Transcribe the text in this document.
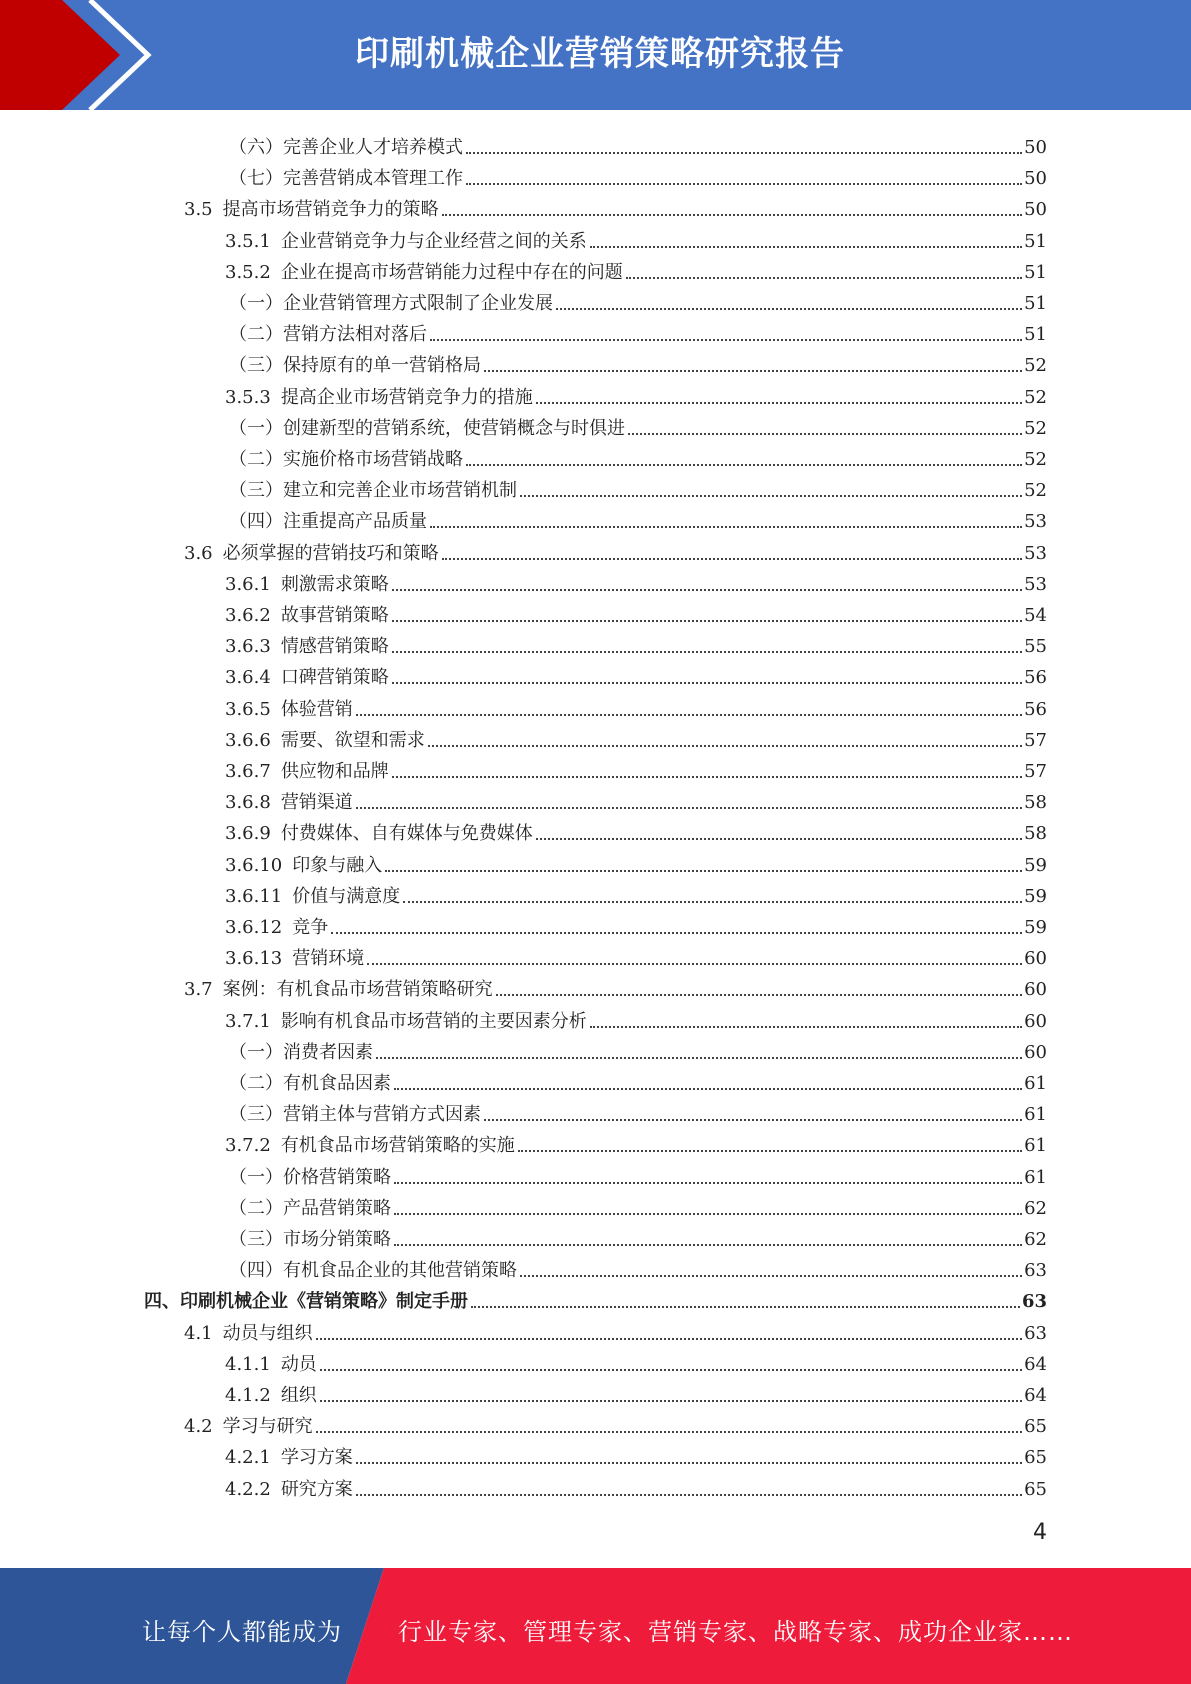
印刷机械企业营销策略研究报告
（六）完善企业人才培养模式	50
（七）完善营销成本管理工作	50
3.5 提高市场营销竞争力的策略	50
3.5.1 企业营销竞争力与企业经营之间的关系	51
3.5.2 企业在提高市场营销能力过程中存在的问题	51
（一）企业营销管理方式限制了企业发展	51
（二）营销方法相对落后	51
（三）保持原有的单一营销格局	52
3.5.3 提高企业市场营销竞争力的措施	52
（一）创建新型的营销系统，使营销概念与时俱进	52
（二）实施价格市场营销战略	52
（三）建立和完善企业市场营销机制	52
（四）注重提高产品质量	53
3.6 必须掌握的营销技巧和策略	53
3.6.1 刺激需求策略	53
3.6.2 故事营销策略	54
3.6.3 情感营销策略	55
3.6.4 口碑营销策略	56
3.6.5 体验营销	56
3.6.6 需要、欲望和需求	57
3.6.7 供应物和品牌	57
3.6.8 营销渠道	58
3.6.9 付费媒体、自有媒体与免费媒体	58
3.6.10 印象与融入	59
3.6.11 价值与满意度	59
3.6.12 竞争	59
3.6.13 营销环境	60
3.7 案例：有机食品市场营销策略研究	60
3.7.1 影响有机食品市场营销的主要因素分析	60
（一）消费者因素	60
（二）有机食品因素	61
（三）营销主体与营销方式因素	61
3.7.2 有机食品市场营销策略的实施	61
（一）价格营销策略	61
（二）产品营销策略	62
（三）市场分销策略	62
（四）有机食品企业的其他营销策略	63
四、印刷机械企业《营销策略》制定手册	63
4.1 动员与组织	63
4.1.1 动员	64
4.1.2 组织	64
4.2 学习与研究	65
4.2.1 学习方案	65
4.2.2 研究方案	65
4
让每个人都能成为 行业专家、管理专家、营销专家、战略专家、成功企业家……
